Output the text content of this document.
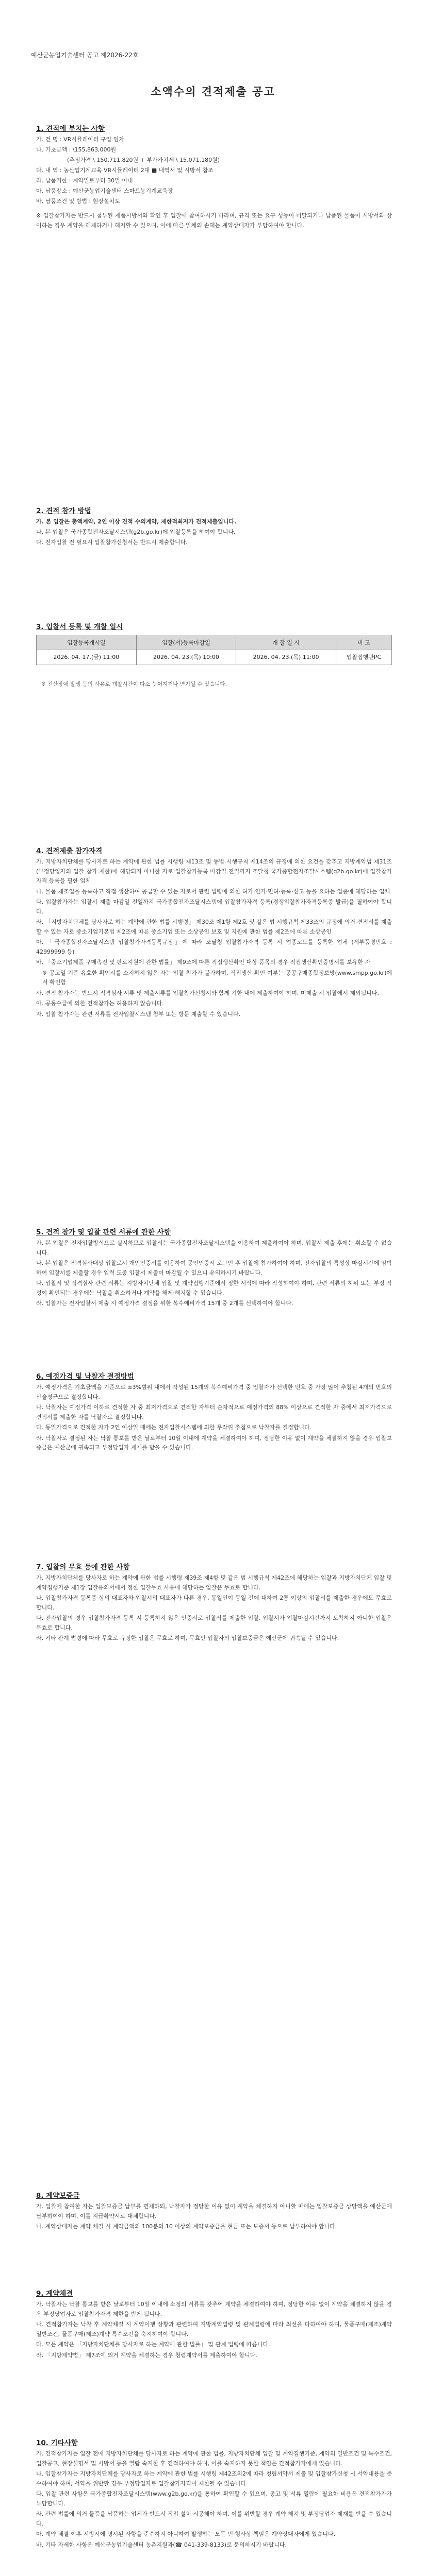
예산군농업기술센터 공고 제2026-22호
소액수의 견적제출 공고
1. 견적에 부치는 사항
가. 건 명 : VR시뮬레이터 구입 임차
나. 기초금액 : \155,863,000원
(추정가격 \ 150,711,820원 + 부가가치세 \ 15,071,180원)
다. 내 역 : 농산업기계교육 VR시뮬레이터 2대 ■ 내역서 및 시방서 참조
라. 납품기한 : 계약일로부터 30일 이내
마. 납품장소 : 예산군농업기술센터 스마트농기계교육장
바. 납품조건 및 방법 : 현장설치도

※ 입찰참가자는 반드시 첨부된 제품시방서와 확인 후 입찰에 참여하시기 바라며, 규격 또는 요구 성능이 미달되거나 납품된 물품이 시방서와 상이하는 경우 계약을 해제하거나 해지할 수 있으며, 이에 따른 일체의 손해는 계약상대자가 부담하여야 합니다.

2. 견적 참가 방법
가. 본 입찰은 총액계약, 2인 이상 견적 수의계약, 제한적최저가 견적제출입니다.
나. 본 입찰은 국가종합전자조달시스템(g2b.go.kr)에 입찰등록을 하여야 합니다.
다. 전자입찰 전 필요시 입찰참가신청서는 반드시 제출합니다.
3. 입찰서 등록 및 개찰 일시
입찰등록개시일	입찰(서)등록마감일	개 찰 일 시	비 고
2026. 04. 17.(금) 11:00	2026. 04. 23.(목) 10:00	2026. 04. 23.(목) 11:00	입찰집행관PC
※ 전산장애 발생 등의 사유로 개찰시간이 다소 늦어지거나 연기될 수 있습니다.
4. 견적제출 참가자격

가. 지방자치단체를 당사자로 하는 계약에 관한 법률 시행령 제13조 및 동법 시행규칙 제14조의 규정에 의한 요건을 갖추고 지방계약법 제31조(부정당업자의 입찰 참가 제한)에 해당되지 아니한 자로 입찰참가등록 마감일 전일까지 조달청 국가종합전자조달시스템(g2b.go.kr)에 입찰참가자격 등록을 필한 업체

나. 물품 제조업을 등록하고 직접 생산하여 공급할 수 있는 자로서 관련 법령에 의한 허가·인가·면허·등록·신고 등을 요하는 업종에 해당하는 업체

다. 입찰참가자는 입찰서 제출 마감일 전일까지 국가종합전자조달시스템에 입찰참가자격 등록(경쟁입찰참가자격등록증 발급)을 필하여야 합니다.

라. 「지방자치단체를 당사자로 하는 계약에 관한 법률 시행령」 제30조 제1항 제2호 및 같은 법 시행규칙 제33조의 규정에 의거 견적서를 제출할 수 있는 자로 중소기업기본법 제2조에 따른 중소기업 또는 소상공인 보호 및 지원에 관한 법률 제2조에 따른 소상공인

마. 「국가종합전자조달시스템 입찰참가자격등록규정」에 따라 조달청 입찰참가자격 등록 시 업종코드를 등록한 업체 (세부품명번호 : 42999999 등)

바. 「중소기업제품 구매촉진 및 판로지원에 관한 법률」 제9조에 따른 직접생산확인 대상 품목의 경우 직접생산확인증명서를 보유한 자

※ 공고일 기준 유효한 확인서를 소지하지 않은 자는 입찰 참가가 불가하며, 직접생산 확인 여부는 공공구매종합정보망(www.smpp.go.kr)에서 확인함

사. 견적 참가자는 반드시 적격심사 서류 및 제출서류를 입찰참가신청서와 함께 기한 내에 제출하여야 하며, 미제출 시 입찰에서 제외됩니다.

아. 공동수급에 의한 견적참가는 허용하지 않습니다.

자. 입찰 참가자는 관련 서류를 전자입찰시스템 첨부 또는 방문 제출할 수 있습니다.

5. 견적 참가 및 입찰 관련 서류에 관한 사항

가. 본 입찰은 전자입찰방식으로 실시하므로 입찰서는 국가종합전자조달시스템을 이용하여 제출하여야 하며, 입찰서 제출 후에는 취소할 수 없습니다.

나. 본 입찰은 적격심사대상 입찰로서 개인인증서를 이용하여 공인인증서 로그인 후 입찰에 참가하여야 하며, 전자입찰의 특성상 마감시간에 임박하여 입찰서를 제출할 경우 입력 도중 입찰서 제출이 마감될 수 있으니 유의하시기 바랍니다.

다. 입찰서 및 적격심사 관련 서류는 지방자치단체 입찰 및 계약집행기준에서 정한 서식에 따라 작성하여야 하며, 관련 서류의 허위 또는 부정 작성이 확인되는 경우에는 낙찰을 취소하거나 계약을 해제·해지할 수 있습니다.

라. 입찰자는 전자입찰서 제출 시 예정가격 결정을 위한 복수예비가격 15개 중 2개를 선택하여야 합니다.

6. 예정가격 및 낙찰자 결정방법

가. 예정가격은 기초금액을 기준으로 ±3%범위 내에서 작성된 15개의 복수예비가격 중 입찰자가 선택한 번호 중 가장 많이 추첨된 4개의 번호의 산술평균으로 결정합니다.

나. 낙찰자는 예정가격 이하로 견적한 자 중 최저가격으로 견적한 자부터 순차적으로 예정가격의 88% 이상으로 견적한 자 중에서 최저가격으로 견적서를 제출한 자를 낙찰자로 결정합니다.

다. 동일가격으로 견적한 자가 2인 이상일 때에는 전자입찰시스템에 의한 무작위 추첨으로 낙찰자를 결정합니다.

라. 낙찰자로 결정된 자는 낙찰 통보를 받은 날로부터 10일 이내에 계약을 체결하여야 하며, 정당한 이유 없이 계약을 체결하지 않을 경우 입찰보증금은 예산군에 귀속되고 부정당업자 제재를 받을 수 있습니다.

7. 입찰의 무효 등에 관한 사항

가. 지방자치단체를 당사자로 하는 계약에 관한 법률 시행령 제39조 제4항 및 같은 법 시행규칙 제42조에 해당하는 입찰과 지방자치단체 입찰 및 계약집행기준 제1장 입찰유의서에서 정한 입찰무효 사유에 해당하는 입찰은 무효로 합니다.

나. 입찰참가자격 등록증 상의 대표자와 입찰서의 대표자가 다른 경우, 동일인이 동일 건에 대하여 2통 이상의 입찰서를 제출한 경우에도 무효로 합니다.

다. 전자입찰의 경우 입찰참가자격 등록 시 등록하지 않은 인증서로 입찰서를 제출한 입찰, 입찰서가 입찰마감시간까지 도착하지 아니한 입찰은 무효로 합니다.

라. 기타 관계 법령에 따라 무효로 규정한 입찰은 무효로 하며, 무효인 입찰자의 입찰보증금은 예산군에 귀속될 수 있습니다.

8. 계약보증금

가. 입찰에 참여한 자는 입찰보증금 납부를 면제하되, 낙찰자가 정당한 이유 없이 계약을 체결하지 아니할 때에는 입찰보증금 상당액을 예산군에 납부하여야 하며, 이를 지급확약서로 대체합니다.

나. 계약상대자는 계약 체결 시 계약금액의 100분의 10 이상의 계약보증금을 현금 또는 보증서 등으로 납부하여야 합니다.

9. 계약체결

가. 낙찰자는 낙찰 통보를 받은 날로부터 10일 이내에 소정의 서류를 갖추어 계약을 체결하여야 하며, 정당한 이유 없이 계약을 체결하지 않을 경우 부정당업자로 입찰참가자격 제한을 받게 됩니다.

나. 견적참가자는 낙찰 후 계약체결 시 계약이행 상황과 관련하여 지방계약법령 및 관계법령에 따라 최선을 다하여야 하며, 물품구매(제조)계약 일반조건, 물품구매(제조)계약 특수조건을 숙지하여야 합니다.

다. 모든 계약은 「지방자치단체를 당사자로 하는 계약에 관한 법률」 및 관계 법령에 따릅니다.

라. 「지방계약법」 제7조에 의거 계약을 체결하는 경우 청렴계약서를 제출하여야 합니다.

10. 기타사항

가. 견적참가자는 입찰 전에 지방자치단체를 당사자로 하는 계약에 관한 법률, 지방자치단체 입찰 및 계약집행기준, 계약의 일반조건 및 특수조건, 입찰공고, 현장설명서 및 시방서 등을 열람 숙지한 후 견적하여야 하며, 이를 숙지하지 못한 책임은 견적참가자에게 있습니다.

나. 입찰참가자는 지방자치단체를 당사자로 하는 계약에 관한 법률 시행령 제42조의2에 따라 청렴서약서 제출 및 입찰참가신청 시 서약내용을 준수하여야 하며, 서약을 위반할 경우 부정당업자로 입찰참가자격이 제한될 수 있습니다.

다. 입찰 관련 사항은 국가종합전자조달시스템(www.g2b.go.kr)을 통하여 확인할 수 있으며, 공고 및 서류 열람에 필요한 비용은 견적참가자가 부담합니다.

라. 관련 법률에 의거 물품을 납품하는 업체가 반드시 직접 설치·시공해야 하며, 이를 위반할 경우 계약 해지 및 부정당업자 제재를 받을 수 있습니다.

마. 계약 체결 이후 시방서에 명시된 사항을 준수하지 아니하여 발생하는 모든 민·형사상 책임은 계약상대자에게 있습니다.

바. 기타 자세한 사항은 예산군농업기술센터 농촌지원과(☎ 041-339-8133)로 문의하시기 바랍니다.
